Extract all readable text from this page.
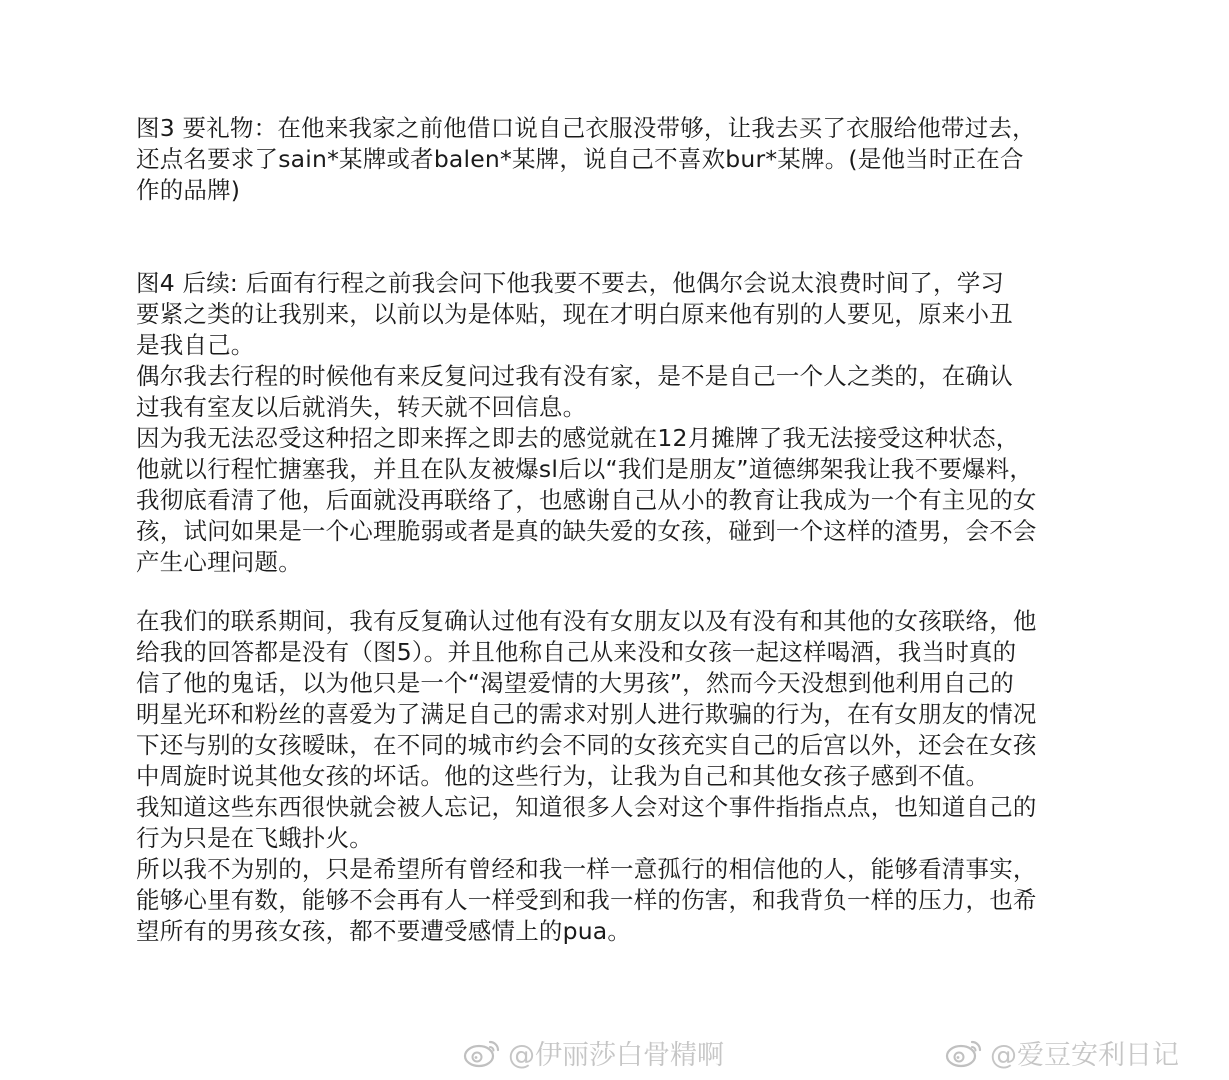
图3 要礼物：在他来我家之前他借口说自己衣服没带够，让我去买了衣服给他带过去，
还点名要求了sain*某牌或者balen*某牌，说自己不喜欢bur*某牌。(是他当时正在合
作的品牌)
图4 后续: 后面有行程之前我会问下他我要不要去，他偶尔会说太浪费时间了，学习
要紧之类的让我别来，以前以为是体贴，现在才明白原来他有别的人要见，原来小丑
是我自己。
偶尔我去行程的时候他有来反复问过我有没有家，是不是自己一个人之类的，在确认
过我有室友以后就消失，转天就不回信息。
因为我无法忍受这种招之即来挥之即去的感觉就在12月摊牌了我无法接受这种状态，
他就以行程忙搪塞我，并且在队友被爆sl后以“我们是朋友”道德绑架我让我不要爆料，
我彻底看清了他，后面就没再联络了，也感谢自己从小的教育让我成为一个有主见的女
孩，试问如果是一个心理脆弱或者是真的缺失爱的女孩，碰到一个这样的渣男，会不会
产生心理问题。
在我们的联系期间，我有反复确认过他有没有女朋友以及有没有和其他的女孩联络，他
给我的回答都是没有（图5）。并且他称自己从来没和女孩一起这样喝酒，我当时真的
信了他的鬼话，以为他只是一个“渴望爱情的大男孩”，然而今天没想到他利用自己的
明星光环和粉丝的喜爱为了满足自己的需求对别人进行欺骗的行为，在有女朋友的情况
下还与别的女孩暧昧，在不同的城市约会不同的女孩充实自己的后宫以外，还会在女孩
中周旋时说其他女孩的坏话。他的这些行为，让我为自己和其他女孩子感到不值。
我知道这些东西很快就会被人忘记，知道很多人会对这个事件指指点点，也知道自己的
行为只是在飞蛾扑火。
所以我不为别的，只是希望所有曾经和我一样一意孤行的相信他的人，能够看清事实，
能够心里有数，能够不会再有人一样受到和我一样的伤害，和我背负一样的压力，也希
望所有的男孩女孩，都不要遭受感情上的pua。
@伊丽莎白骨精啊	@爱豆安利日记
